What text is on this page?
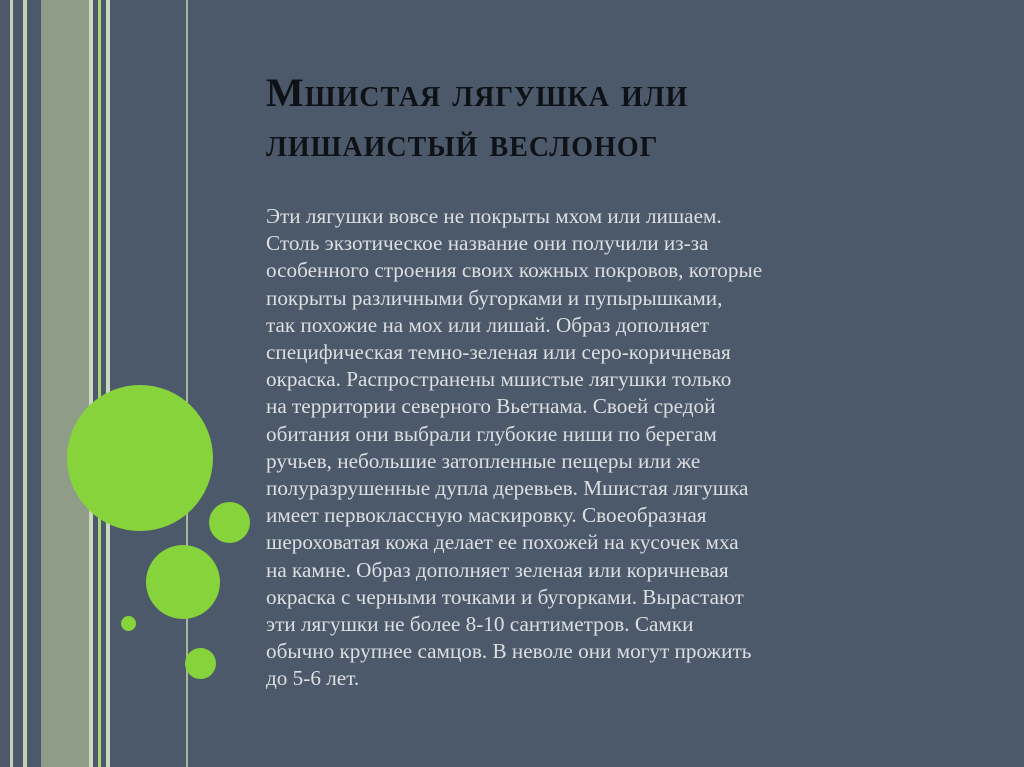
Мшистая лягушка или
лишаистый веслоног

Эти лягушки вовсе не покрыты мхом или лишаем.
Столь экзотическое название они получили из-за
особенного строения своих кожных покровов, которые
покрыты различными бугорками и пупырышками,
так похожие на мох или лишай. Образ дополняет
специфическая темно-зеленая или серо-коричневая
окраска. Распространены мшистые лягушки только
на территории северного Вьетнама. Своей средой
обитания они выбрали глубокие ниши по берегам
ручьев, небольшие затопленные пещеры или же
полуразрушенные дупла деревьев. Мшистая лягушка
имеет первоклассную маскировку. Своеобразная
шероховатая кожа делает ее похожей на кусочек мха
на камне. Образ дополняет зеленая или коричневая
окраска с черными точками и бугорками. Вырастают
эти лягушки не более 8-10 сантиметров. Самки
обычно крупнее самцов. В неволе они могут прожить
до 5-6 лет.
